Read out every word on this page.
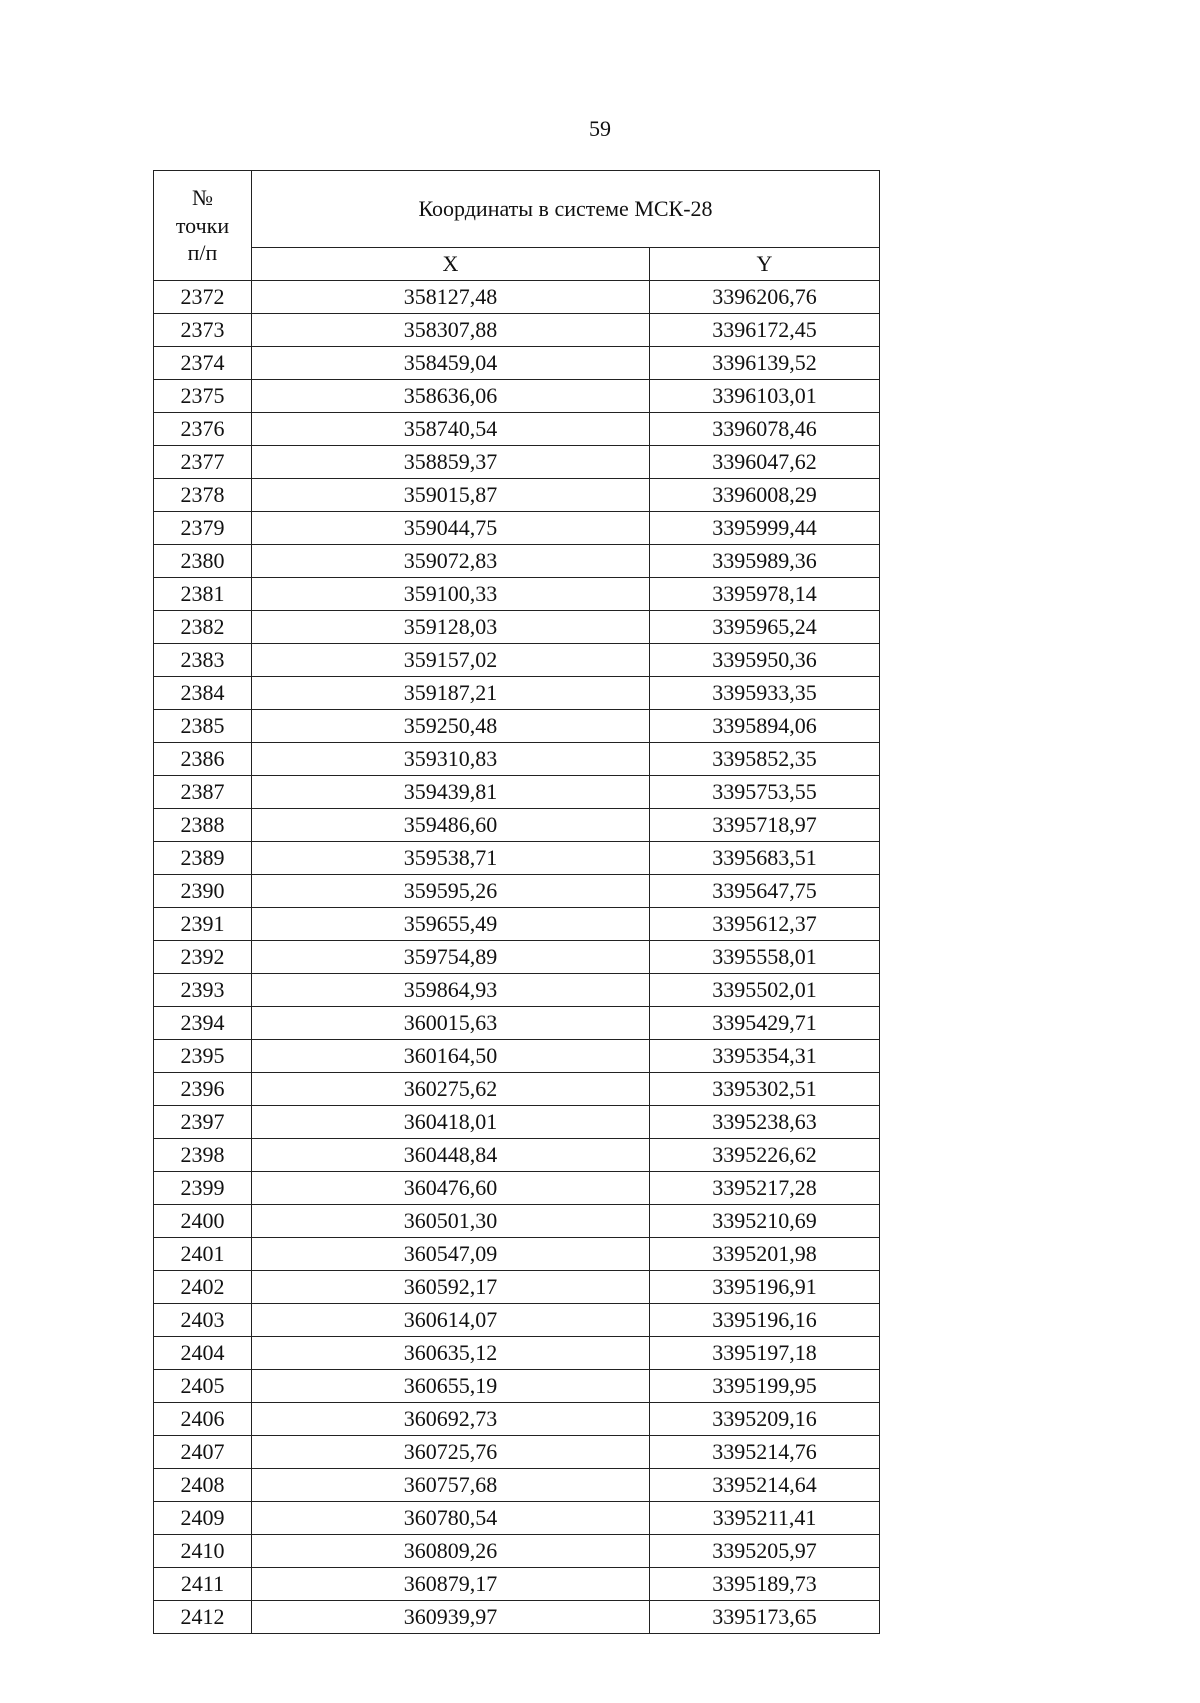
59
№
точки
п/п	Координаты в системе МСК-28	
	X	Y
2372	358127,48	3396206,76
2373	358307,88	3396172,45
2374	358459,04	3396139,52
2375	358636,06	3396103,01
2376	358740,54	3396078,46
2377	358859,37	3396047,62
2378	359015,87	3396008,29
2379	359044,75	3395999,44
2380	359072,83	3395989,36
2381	359100,33	3395978,14
2382	359128,03	3395965,24
2383	359157,02	3395950,36
2384	359187,21	3395933,35
2385	359250,48	3395894,06
2386	359310,83	3395852,35
2387	359439,81	3395753,55
2388	359486,60	3395718,97
2389	359538,71	3395683,51
2390	359595,26	3395647,75
2391	359655,49	3395612,37
2392	359754,89	3395558,01
2393	359864,93	3395502,01
2394	360015,63	3395429,71
2395	360164,50	3395354,31
2396	360275,62	3395302,51
2397	360418,01	3395238,63
2398	360448,84	3395226,62
2399	360476,60	3395217,28
2400	360501,30	3395210,69
2401	360547,09	3395201,98
2402	360592,17	3395196,91
2403	360614,07	3395196,16
2404	360635,12	3395197,18
2405	360655,19	3395199,95
2406	360692,73	3395209,16
2407	360725,76	3395214,76
2408	360757,68	3395214,64
2409	360780,54	3395211,41
2410	360809,26	3395205,97
2411	360879,17	3395189,73
2412	360939,97	3395173,65
